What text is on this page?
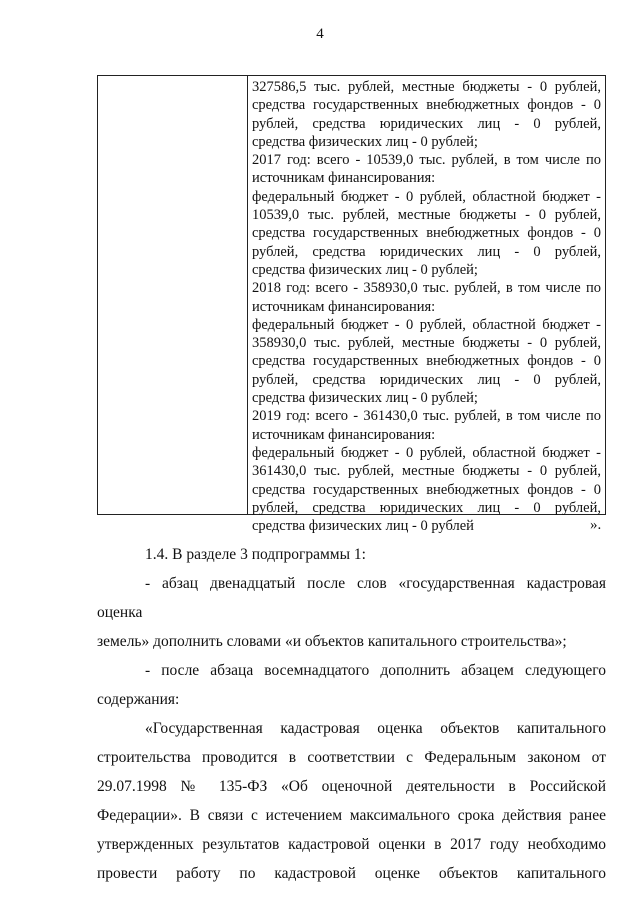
4
327586,5 тыс. рублей, местные бюджеты - 0 рублей,
средства государственных внебюджетных фондов - 0
рублей, средства юридических лиц - 0 рублей,
средства физических лиц - 0 рублей;
2017 год: всего - 10539,0 тыс. рублей, в том числе по
источникам финансирования:
федеральный бюджет - 0 рублей, областной бюджет -
10539,0 тыс. рублей, местные бюджеты - 0 рублей,
средства государственных внебюджетных фондов - 0
рублей, средства юридических лиц - 0 рублей,
средства физических лиц - 0 рублей;
2018 год: всего - 358930,0 тыс. рублей, в том числе по
источникам финансирования:
федеральный бюджет - 0 рублей, областной бюджет -
358930,0 тыс. рублей, местные бюджеты - 0 рублей,
средства государственных внебюджетных фондов - 0
рублей, средства юридических лиц - 0 рублей,
средства физических лиц - 0 рублей;
2019 год: всего - 361430,0 тыс. рублей, в том числе по
источникам финансирования:
федеральный бюджет - 0 рублей, областной бюджет -
361430,0 тыс. рублей, местные бюджеты - 0 рублей,
средства государственных внебюджетных фондов - 0
рублей, средства юридических лиц - 0 рублей,
средства физических лиц - 0 рублей	».
1.4. В разделе 3 подпрограммы 1:
- абзац двенадцатый после слов «государственная кадастровая оценка
земель» дополнить словами «и объектов капитального строительства»;
- после абзаца восемнадцатого дополнить абзацем следующего
содержания:
«Государственная кадастровая оценка объектов капитального
строительства проводится в соответствии с Федеральным законом от
29.07.1998 № 135-ФЗ «Об оценочной деятельности в Российской
Федерации». В связи с истечением максимального срока действия ранее
утвержденных результатов кадастровой оценки в 2017 году необходимо
провести работу по кадастровой оценке объектов капитального
